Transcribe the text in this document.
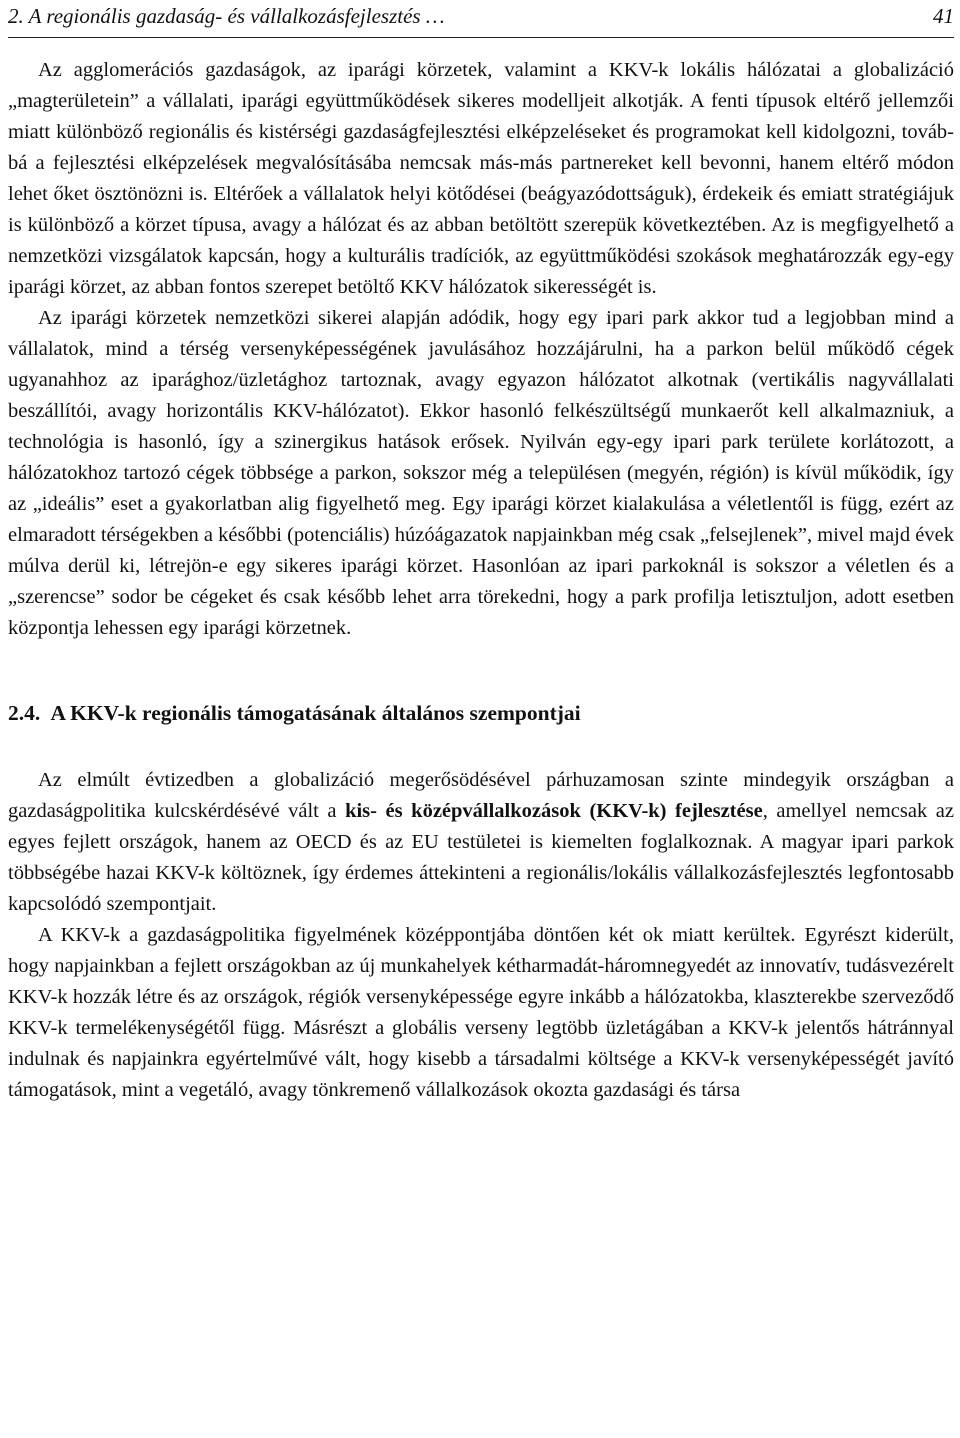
2. A regionális gazdaság- és vállalkozásfejlesztés …	41

Az agglomerációs gazdaságok, az iparági körzetek, valamint a KKV-k lokális hálózatai a globalizáció „magterületein” a vállalati, iparági együttműködések sikeres modelljeit alkotják. A fenti típusok eltérő jellemzői miatt különböző regionális és kistérségi gazdaságfejlesztési elképzeléseket és programokat kell kidolgozni, továbbá a fejlesztési elképzelések megvalósításába nemcsak más-más partnereket kell bevonni, hanem eltérő módon lehet őket ösztönözni is. Eltérőek a vállalatok helyi kötődései (beágyazódottságuk), érdekeik és emiatt stratégiájuk is különböző a körzet típusa, avagy a hálózat és az abban betöltött szerepük következtében. Az is megfigyelhető a nemzetközi vizsgálatok kapcsán, hogy a kulturális tradíciók, az együttműködési szokások meghatározzák egy-egy iparági körzet, az abban fontos szerepet betöltő KKV hálózatok sikerességét is.

Az iparági körzetek nemzetközi sikerei alapján adódik, hogy egy ipari park akkor tud a legjobban mind a vállalatok, mind a térség versenyképességének javulásához hozzájárulni, ha a parkon belül működő cégek ugyanahhoz az iparághoz/üzletághoz tartoznak, avagy egyazon hálózatot alkotnak (vertikális nagyvállalati beszállítói, avagy horizontális KKV-hálózatot). Ekkor hasonló felkészültségű munkaerőt kell alkalmazniuk, a technológia is hasonló, így a szinergikus hatások erősek. Nyilván egy-egy ipari park területe korlátozott, a hálózatokhoz tartozó cégek többsége a parkon, sokszor még a településen (megyén, régión) is kívül működik, így az „ideális” eset a gyakorlatban alig figyelhető meg. Egy iparági körzet kialakulása a véletlentől is függ, ezért az elmaradott térségekben a későbbi (potenciális) húzóágazatok napjainkban még csak „felsejlenek”, mivel majd évek múlva derül ki, létrejön-e egy sikeres iparági körzet. Hasonlóan az ipari parkoknál is sokszor a véletlen és a „szerencse” sodor be cégeket és csak később lehet arra törekedni, hogy a park profilja letisztuljon, adott esetben központja lehessen egy iparági körzetnek.

2.4. A KKV-k regionális támogatásának általános szempontjai

Az elmúlt évtizedben a globalizáció megerősödésével párhuzamosan szinte mindegyik országban a gazdaságpolitika kulcskérdésévé vált a kis- és középvállalkozások (KKV-k) fejlesztése, amellyel nemcsak az egyes fejlett országok, hanem az OECD és az EU testületei is kiemelten foglalkoznak. A magyar ipari parkok többségébe hazai KKV-k költöznek, így érdemes áttekinteni a regionális/lokális vállalkozásfejlesztés legfontosabb kapcsolódó szempontjait.

A KKV-k a gazdaságpolitika figyelmének középpontjába döntően két ok miatt kerültek. Egyrészt kiderült, hogy napjainkban a fejlett országokban az új munkahelyek kétharmadát-háromnegyedét az innovatív, tudásvezérelt KKV-k hozzák létre és az országok, régiók versenyképessége egyre inkább a hálózatokba, klaszterekbe szerveződő KKV-k termelékenységétől függ. Másrészt a globális verseny legtöbb üzletágában a KKV-k jelentős hátránnyal indulnak és napjainkra egyértelművé vált, hogy kisebb a társadalmi költsége a KKV-k versenyképességét javító támogatások, mint a vegetáló, avagy tönkremenő vállalkozások okozta gazdasági és társa
